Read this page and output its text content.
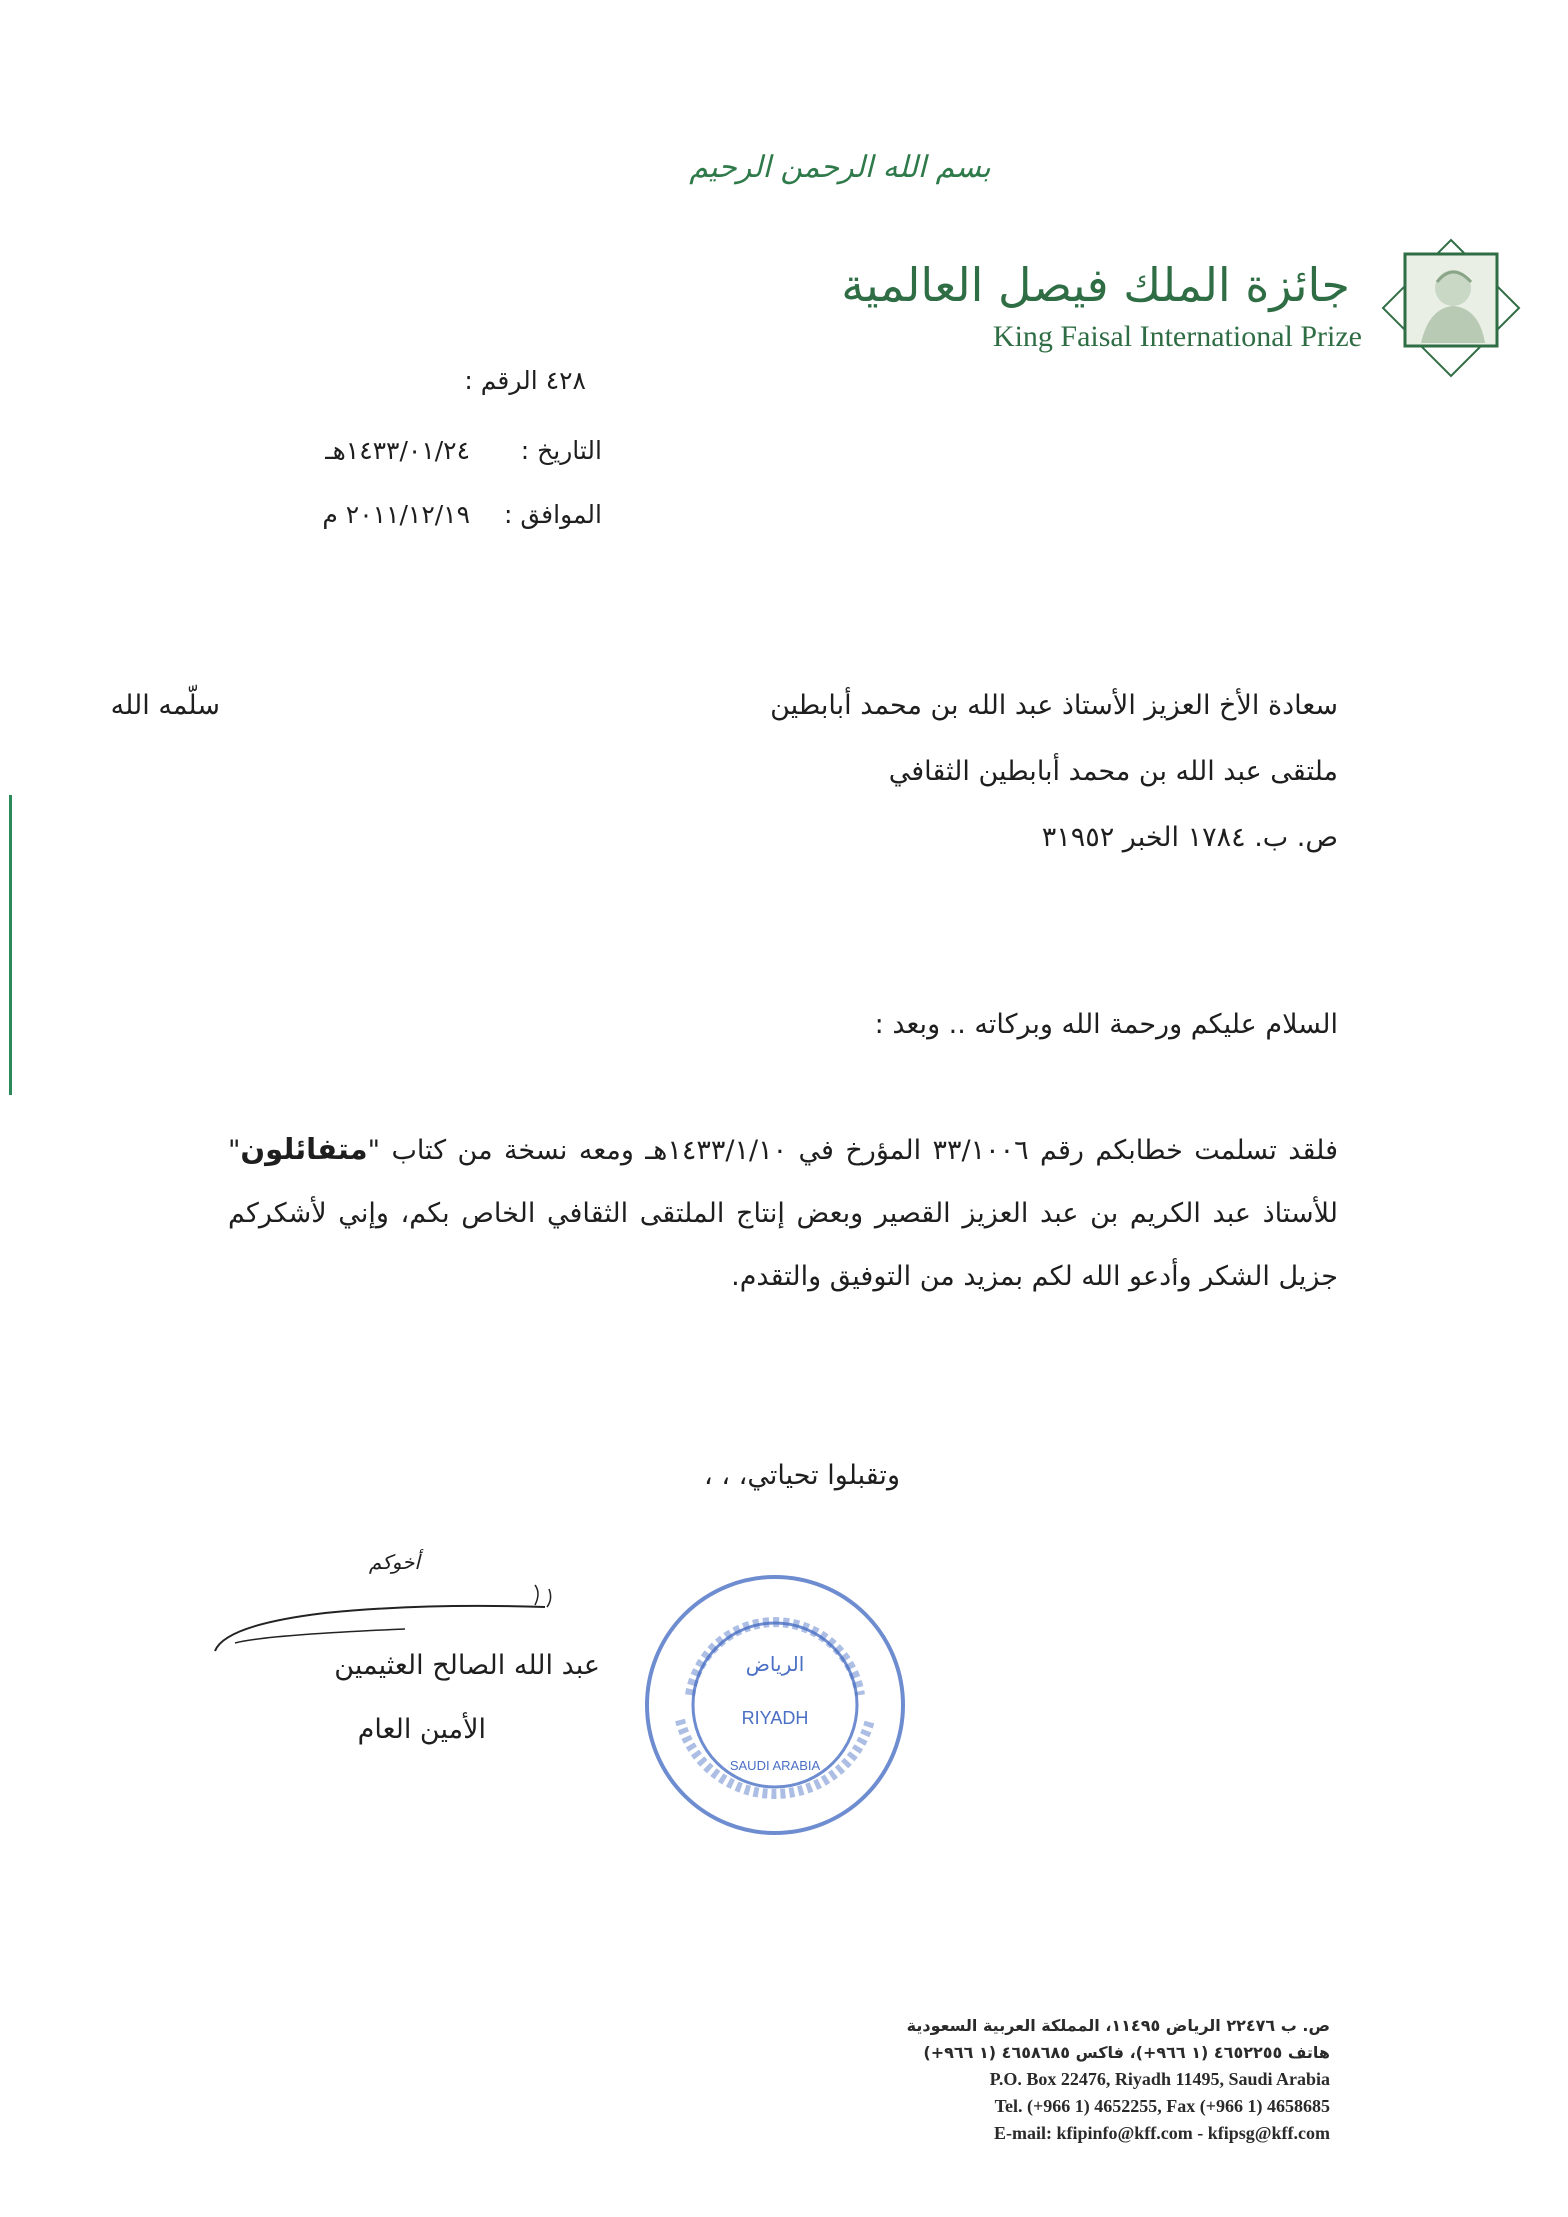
بسم الله الرحمن الرحيم
جائزة الملك فيصل العالمية
King Faisal International Prize
الرقم : ٤٢٨
التاريخ : ١٤٣٣/٠١/٢٤هـ
الموافق : ٢٠١١/١٢/١٩ م
سعادة الأخ العزيز الأستاذ عبد الله بن محمد أبابطين
سلّمه الله
ملتقى عبد الله بن محمد أبابطين الثقافي
ص. ب. ١٧٨٤ الخبر ٣١٩٥٢
السلام عليكم ورحمة الله وبركاته .. وبعد :
فلقد تسلمت خطابكم رقم ٣٣/١٠٠٦ المؤرخ في ١٤٣٣/١/١٠هـ ومعه نسخة من كتاب "متفائلون" للأستاذ عبد الكريم بن عبد العزيز القصير وبعض إنتاج الملتقى الثقافي الخاص بكم، وإني لأشكركم جزيل الشكر وأدعو الله لكم بمزيد من التوفيق والتقدم.
وتقبلوا تحياتي، ، ،
أخوكم
عبد الله الصالح العثيمين
الأمين العام
الرياض
RIYADH
SAUDI ARABIA
ص. ب ٢٢٤٧٦ الرياض ١١٤٩٥، المملكة العربية السعودية
هاتف ٤٦٥٢٢٥٥ (١ ٩٦٦+)، فاكس ٤٦٥٨٦٨٥ (١ ٩٦٦+)
P.O. Box 22476, Riyadh 11495, Saudi Arabia
Tel. (+966 1) 4652255, Fax (+966 1) 4658685
E-mail: kfipinfo@kff.com - kfipsg@kff.com
